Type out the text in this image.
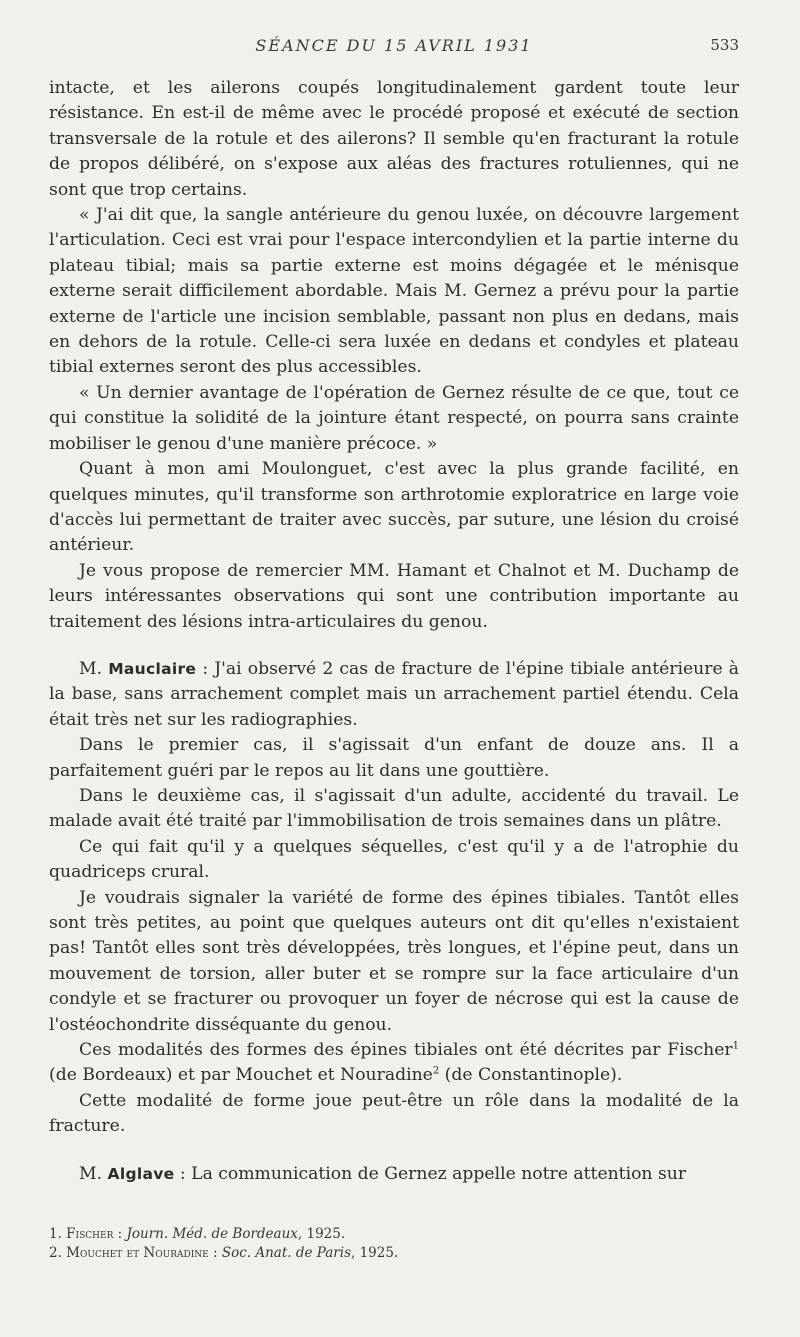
SÉANCE DU 15 AVRIL 1931	533

intacte, et les ailerons coupés longitudinalement gardent toute leur résistance. En est-il de même avec le procédé proposé et exécuté de section transversale de la rotule et des ailerons? Il semble qu'en fracturant la rotule de propos délibéré, on s'expose aux aléas des fractures rotuliennes, qui ne sont que trop certains.

« J'ai dit que, la sangle antérieure du genou luxée, on découvre largement l'articulation. Ceci est vrai pour l'espace intercondylien et la partie interne du plateau tibial; mais sa partie externe est moins dégagée et le ménisque externe serait difficilement abordable. Mais M. Gernez a prévu pour la partie externe de l'article une incision semblable, passant non plus en dedans, mais en dehors de la rotule. Celle-ci sera luxée en dedans et condyles et plateau tibial externes seront des plus accessibles.

« Un dernier avantage de l'opération de Gernez résulte de ce que, tout ce qui constitue la solidité de la jointure étant respecté, on pourra sans crainte mobiliser le genou d'une manière précoce. »

Quant à mon ami Moulonguet, c'est avec la plus grande facilité, en quelques minutes, qu'il transforme son arthrotomie exploratrice en large voie d'accès lui permettant de traiter avec succès, par suture, une lésion du croisé antérieur.

Je vous propose de remercier MM. Hamant et Chalnot et M. Duchamp de leurs intéressantes observations qui sont une contribution importante au traitement des lésions intra-articulaires du genou.

M. Mauclaire : J'ai observé 2 cas de fracture de l'épine tibiale antérieure à la base, sans arrachement complet mais un arrachement partiel étendu. Cela était très net sur les radiographies.

Dans le premier cas, il s'agissait d'un enfant de douze ans. Il a parfaitement guéri par le repos au lit dans une gouttière.

Dans le deuxième cas, il s'agissait d'un adulte, accidenté du travail. Le malade avait été traité par l'immobilisation de trois semaines dans un plâtre.

Ce qui fait qu'il y a quelques séquelles, c'est qu'il y a de l'atrophie du quadriceps crural.

Je voudrais signaler la variété de forme des épines tibiales. Tantôt elles sont très petites, au point que quelques auteurs ont dit qu'elles n'existaient pas! Tantôt elles sont très développées, très longues, et l'épine peut, dans un mouvement de torsion, aller buter et se rompre sur la face articulaire d'un condyle et se fracturer ou provoquer un foyer de nécrose qui est la cause de l'ostéochondrite disséquante du genou.

Ces modalités des formes des épines tibiales ont été décrites par Fischer$^1$ (de Bordeaux) et par Mouchet et Nouradine$^2$ (de Constantinople).

Cette modalité de forme joue peut-être un rôle dans la modalité de la fracture.

M. Alglave : La communication de Gernez appelle notre attention sur

1. Fischer : Journ. Méd. de Bordeaux, 1925.
2. Mouchet et Nouradine : Soc. Anat. de Paris, 1925.
